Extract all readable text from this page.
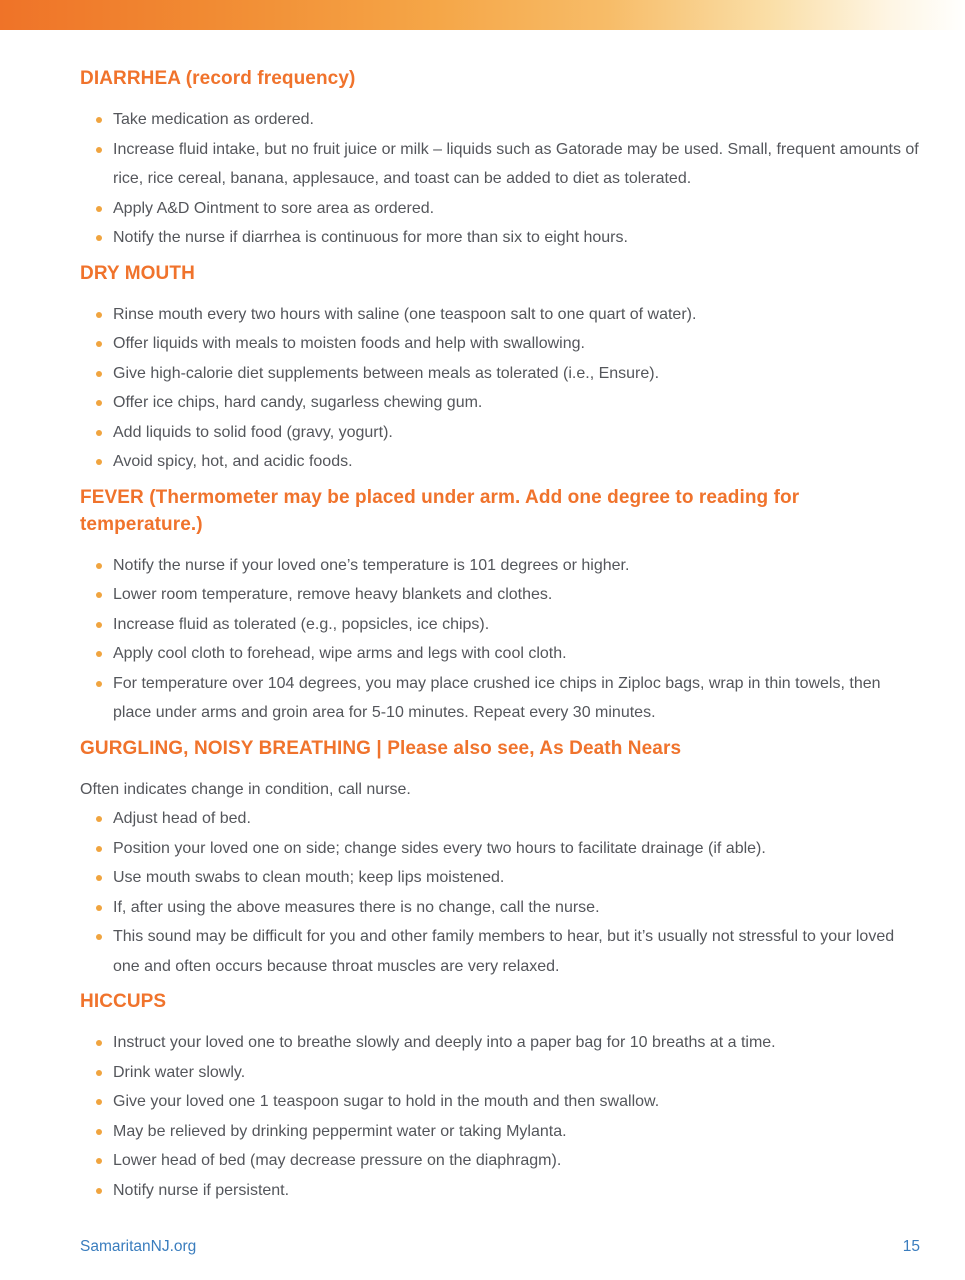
DIARRHEA (record frequency)
Take medication as ordered.
Increase fluid intake, but no fruit juice or milk – liquids such as Gatorade may be used. Small, frequent amounts of rice, rice cereal, banana, applesauce, and toast can be added to diet as tolerated.
Apply A&D Ointment to sore area as ordered.
Notify the nurse if diarrhea is continuous for more than six to eight hours.
DRY MOUTH
Rinse mouth every two hours with saline (one teaspoon salt to one quart of water).
Offer liquids with meals to moisten foods and help with swallowing.
Give high-calorie diet supplements between meals as tolerated (i.e., Ensure).
Offer ice chips, hard candy, sugarless chewing gum.
Add liquids to solid food (gravy, yogurt).
Avoid spicy, hot, and acidic foods.
FEVER (Thermometer may be placed under arm. Add one degree to reading for temperature.)
Notify the nurse if your loved one’s temperature is 101 degrees or higher.
Lower room temperature, remove heavy blankets and clothes.
Increase fluid as tolerated (e.g., popsicles, ice chips).
Apply cool cloth to forehead, wipe arms and legs with cool cloth.
For temperature over 104 degrees, you may place crushed ice chips in Ziploc bags, wrap in thin towels, then place under arms and groin area for 5-10 minutes. Repeat every 30 minutes.
GURGLING, NOISY BREATHING | Please also see, As Death Nears

Often indicates change in condition, call nurse.

Adjust head of bed.
Position your loved one on side; change sides every two hours to facilitate drainage (if able).
Use mouth swabs to clean mouth; keep lips moistened.
If, after using the above measures there is no change, call the nurse.
This sound may be difficult for you and other family members to hear, but it’s usually not stressful to your loved one and often occurs because throat muscles are very relaxed.
HICCUPS
Instruct your loved one to breathe slowly and deeply into a paper bag for 10 breaths at a time.
Drink water slowly.
Give your loved one 1 teaspoon sugar to hold in the mouth and then swallow.
May be relieved by drinking peppermint water or taking Mylanta.
Lower head of bed (may decrease pressure on the diaphragm).
Notify nurse if persistent.
SamaritanNJ.org	15
